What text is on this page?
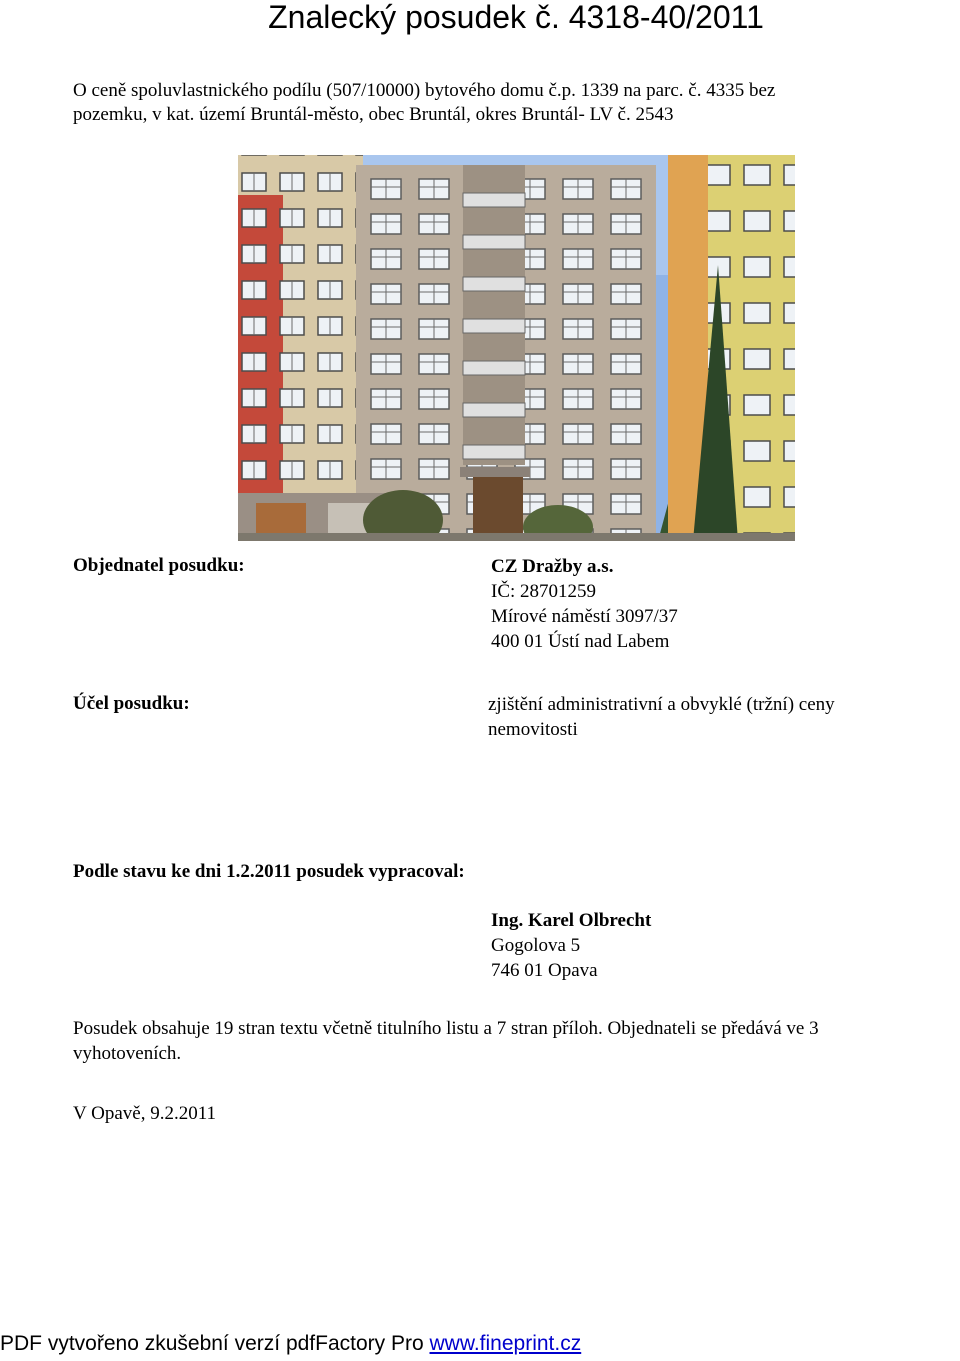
Znalecký posudek č. 4318-40/2011
O ceně spoluvlastnického podílu (507/10000) bytového domu č.p. 1339 na parc. č. 4335 bez
pozemku, v kat. území Bruntál-město, obec Bruntál, okres Bruntál- LV č. 2543
Objednatel posudku:	CZ Dražby a.s.
IČ: 28701259
Mírové náměstí 3097/37
400 01 Ústí nad Labem
Účel posudku:	zjištění administrativní a obvyklé (tržní) ceny
nemovitosti
Podle stavu ke dni 1.2.2011 posudek vypracoval:
Ing. Karel Olbrecht
Gogolova 5
746 01 Opava
Posudek obsahuje 19 stran textu včetně titulního listu a 7 stran příloh. Objednateli se předává ve 3
vyhotoveních.
V Opavě, 9.2.2011
PDF vytvořeno zkušební verzí pdfFactory Pro www.fineprint.cz
